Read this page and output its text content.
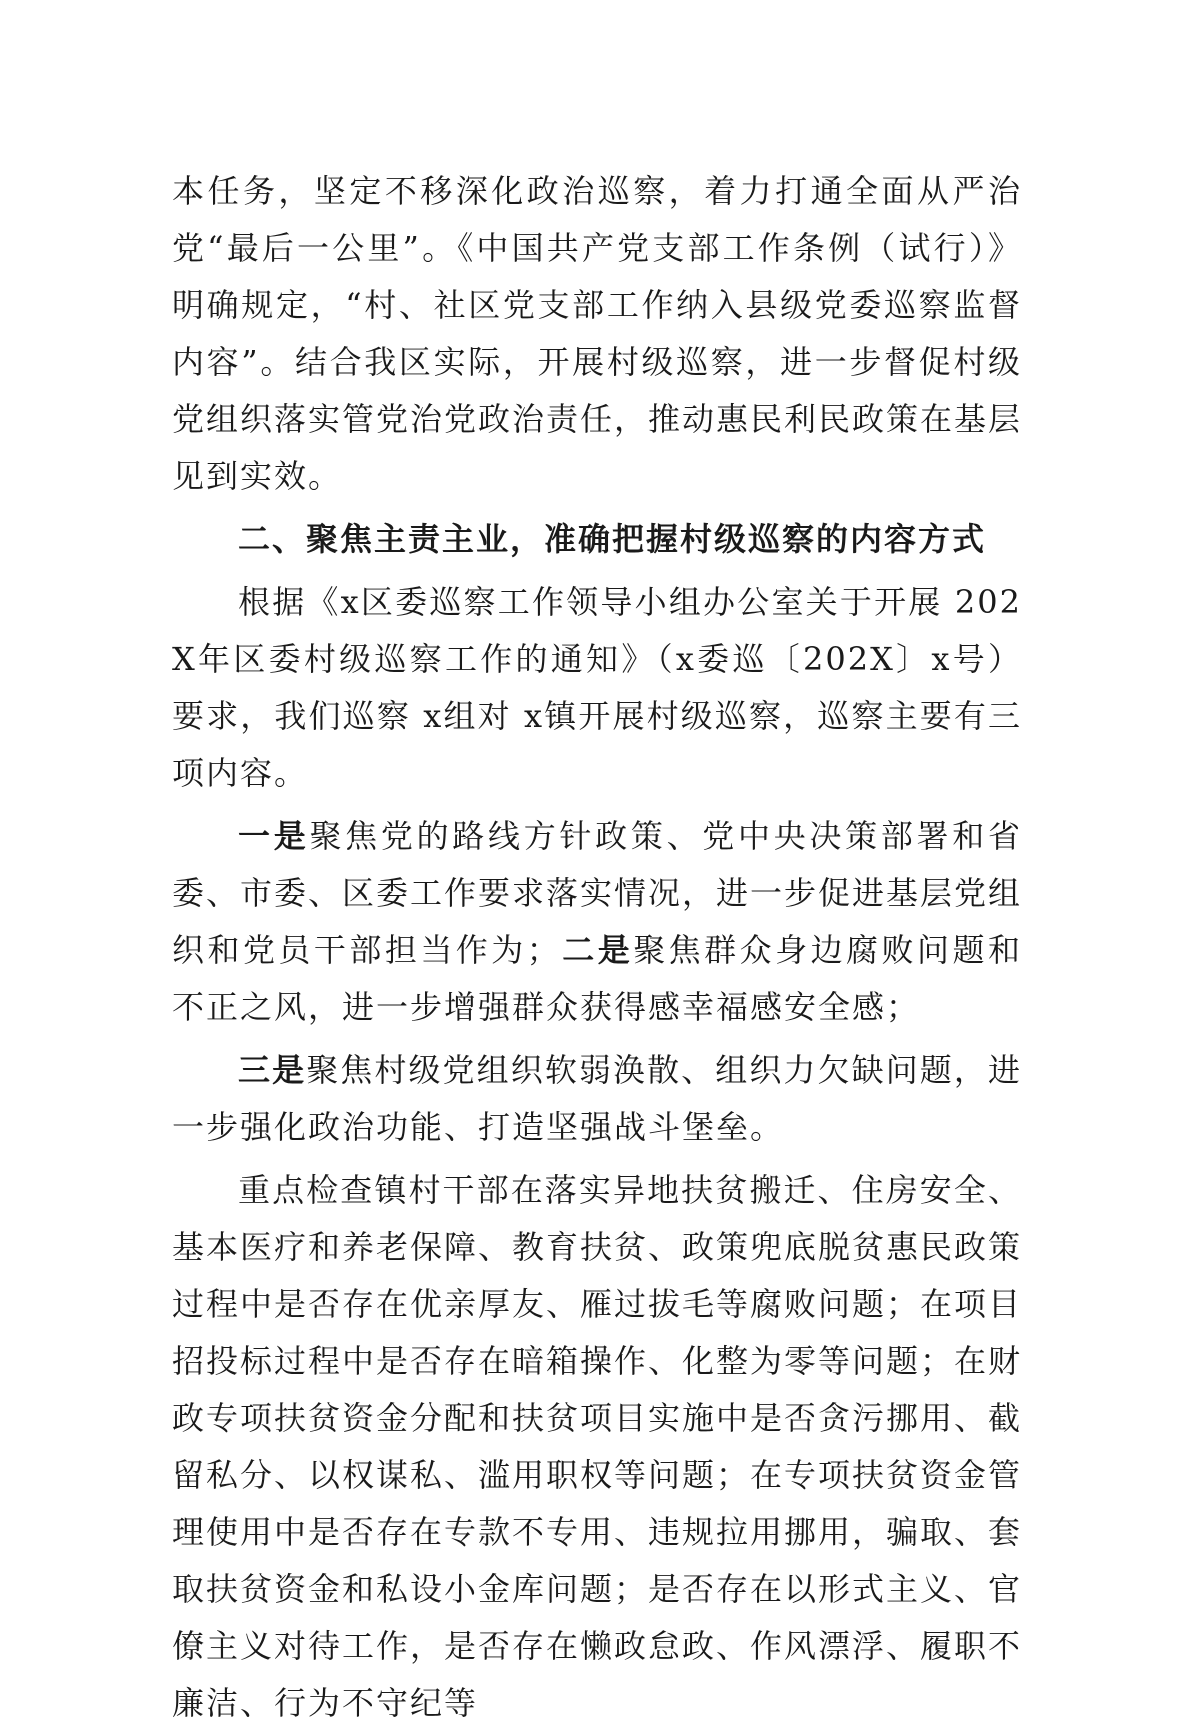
本任务，坚定不移深化政治巡察，着力打通全面从严治党“最后一公里”。《中国共产党支部工作条例（试行）》明确规定，“村、社区党支部工作纳入县级党委巡察监督内容”。结合我区实际，开展村级巡察，进一步督促村级党组织落实管党治党政治责任，推动惠民利民政策在基层见到实效。

二、聚焦主责主业，准确把握村级巡察的内容方式

根据《x区委巡察工作领导小组办公室关于开展 202X年区委村级巡察工作的通知》（x委巡〔202X〕x号）要求，我们巡察 x组对 x镇开展村级巡察，巡察主要有三项内容。

一是聚焦党的路线方针政策、党中央决策部署和省委、市委、区委工作要求落实情况，进一步促进基层党组织和党员干部担当作为；二是聚焦群众身边腐败问题和不正之风，进一步增强群众获得感幸福感安全感；

三是聚焦村级党组织软弱涣散、组织力欠缺问题，进一步强化政治功能、打造坚强战斗堡垒。

重点检查镇村干部在落实异地扶贫搬迁、住房安全、基本医疗和养老保障、教育扶贫、政策兜底脱贫惠民政策过程中是否存在优亲厚友、雁过拔毛等腐败问题；在项目招投标过程中是否存在暗箱操作、化整为零等问题；在财政专项扶贫资金分配和扶贫项目实施中是否贪污挪用、截留私分、以权谋私、滥用职权等问题；在专项扶贫资金管理使用中是否存在专款不专用、违规拉用挪用，骗取、套取扶贫资金和私设小金库问题；是否存在以形式主义、官僚主义对待工作，是否存在懒政怠政、作风漂浮、履职不廉洁、行为不守纪等
